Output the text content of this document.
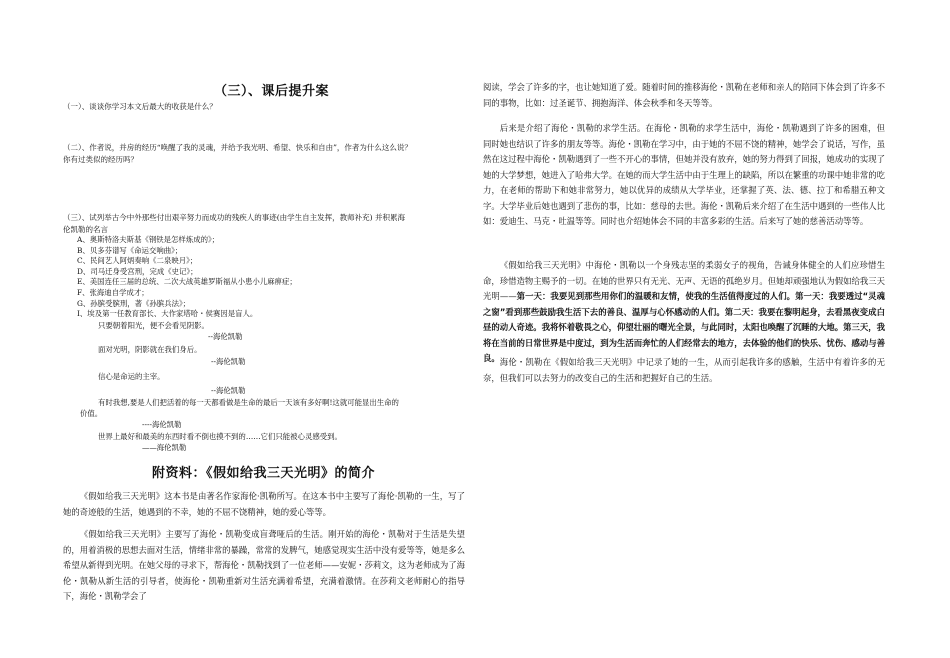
（三）、课后提升案
（一）、谈谈你学习本文后最大的收获是什么？
（二）、作者说，并房的经历“唤醒了我的灵魂，并给予我光明、希望、快乐和自由”，作者为什么这么说？
你有过类似的经历吗？
（三）、试列举古今中外那些付出艰辛努力而成功的残疾人的事迹(由学生自主发挥，教师补充) 并积累海
伦凯勒的名言
A、奥斯特洛夫斯基《钢铁是怎样炼成的》；
B、贝多芬谱写《命运交响曲》；
C、民间艺人阿炳奏响《二泉映月》；
D、司马迁身受宫刑，完成《史记》；
E、美国连任三届的总统、二次大战英雄罗斯福从小患小儿麻痹症；
F、张海迪自学成才；
G、孙膑受膑刑，著《孙膑兵法》；
I、埃及第一任教育部长、大作家塔哈・侯赛因是盲人。
只要朝着阳光，便不会看见阴影。
--海伦凯勒
面对光明，阴影就在我们身后。
--海伦凯勒
信心是命运的主宰。
--海伦凯勒
有时我想,要是人们把活着的每一天都看做是生命的最后一天该有多好啊!这就可能显出生命的
价值。
----海伦凯勒
世界上最好和最美的东西时看不倒也摸不到的……它们只能被心灵感受到。
——海伦凯勒
附资料：《假如给我三天光明》的简介
《假如给我三天光明》这本书是由著名作家海伦·凯勒所写。在这本书中主要写了海伦·凯勒的一生，写了她的奇迹般的生活，她遇到的不幸，她的不屈不饶精神，她的爱心等等。
《假如给我三天光明》主要写了海伦・凯勒变成盲聋哑后的生活。刚开始的海伦・凯勒对于生活是失望的，用着消极的思想去面对生活，情绪非常的暴躁，常常的发脾气，她感觉现实生活中没有爱等等，她是多么希望从新得到光明。在她父母的寻求下，帮海伦・凯勒找到了一位老师——安妮・莎莉文，这为老师成为了海伦・凯勒从新生活的引导者，使海伦・凯勒重新对生活充满着希望，充满着激情。在莎莉文老师耐心的指导下，海伦・凯勒学会了
阅读，学会了许多的字，也让她知道了爱。随着时间的推移海伦・凯勒在老师和亲人的陪同下体会到了许多不同的事物，比如：过圣诞节、拥抱海洋、体会秋季和冬天等等。
后来是介绍了海伦・凯勒的求学生活。在海伦・凯勒的求学生活中，海伦・凯勒遇到了许多的困难，但同时她也结识了许多的朋友等等。海伦・凯勒在学习中，由于她的不屈不饶的精神，她学会了说话，写作，虽然在这过程中海伦・凯勒遇到了一些不开心的事情，但她并没有放弃，她的努力得到了回报，她成功的实现了她的大学梦想，她进入了哈弗大学。在她的而大学生活中由于生理上的缺陷，所以在繁重的功课中她非常的吃力，在老师的帮助下和她非常努力，她以优异的成绩从大学毕业，还掌握了英、法、德、拉丁和希腊五种文字。大学毕业后她也遇到了悲伤的事，比如：慈母的去世。海伦・凯勒后来介绍了在生活中遇到的一些伟人比如：爱迪生、马克・吐温等等。同时也介绍她体会不同的丰富多彩的生活。后来写了她的慈善活动等等。
《假如给我三天光明》中海伦・凯勒以一个身残志坚的柔弱女子的视角，告诫身体健全的人们应珍惜生命，珍惜造物主赐予的一切。在她的世界只有无光、无声、无语的孤绝岁月。但她却顽强地认为假如给我三天光明——第一天：我要见到那些用你们的温暖和友情，使我的生活值得度过的人们。第一天：我要透过“灵魂之窗”看到那些鼓励我生活下去的善良、温厚与心怀感动的人们。第二天：我要在黎明起身，去看黑夜变成白昼的动人奇迹。我将怀着敬畏之心，仰望壮丽的曙光全景，与此同时，太阳也唤醒了沉睡的大地。第三天，我将在当前的日常世界是中度过，到为生活而奔忙的人们经常去的地方，去体验的他们的快乐、忧伤、感动与善良。 海伦・凯勒在《假如给我三天光明》中记录了她的一生，从而引起我许多的感触，生活中有着许多的无奈，但我们可以去努力的改变自己的生活和把握好自己的生活。
